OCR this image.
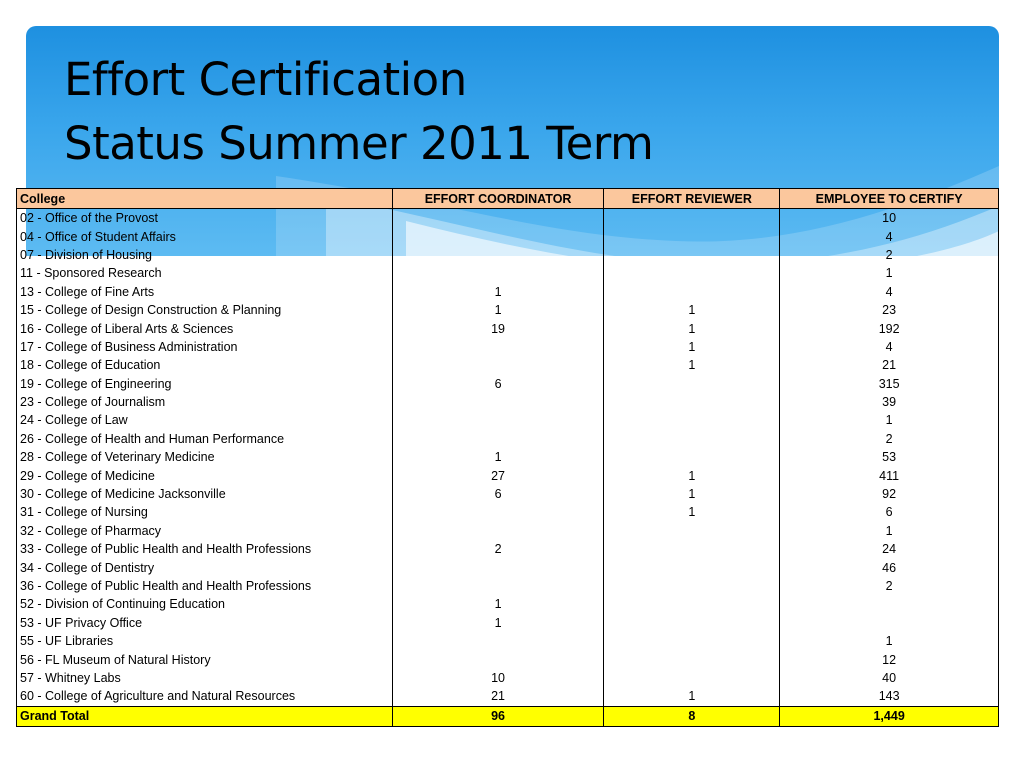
Effort Certification
Status Summer 2011 Term
College	EFFORT COORDINATOR	EFFORT REVIEWER	EMPLOYEE TO CERTIFY
02 - Office of the Provost			10
04 - Office of Student Affairs			4
07 - Division of Housing			2
11 - Sponsored Research			1
13 - College of Fine Arts	1		4
15 - College of Design Construction & Planning	1	1	23
16 - College of Liberal Arts & Sciences	19	1	192
17 - College of Business Administration		1	4
18 - College of Education		1	21
19 - College of Engineering	6		315
23 - College of Journalism			39
24 - College of Law			1
26 - College of Health and Human Performance			2
28 - College of Veterinary Medicine	1		53
29 - College of Medicine	27	1	411
30 - College of Medicine Jacksonville	6	1	92
31 - College of Nursing		1	6
32 - College of Pharmacy			1
33 - College of Public Health and Health Professions	2		24
34 - College of Dentistry			46
36 - College of Public Health and Health Professions			2
52 - Division of Continuing Education	1		
53 - UF Privacy Office	1		
55 - UF Libraries			1
56 - FL Museum of Natural History			12
57 - Whitney Labs	10		40
60 - College of Agriculture and Natural Resources	21	1	143
Grand Total	96	8	1,449
